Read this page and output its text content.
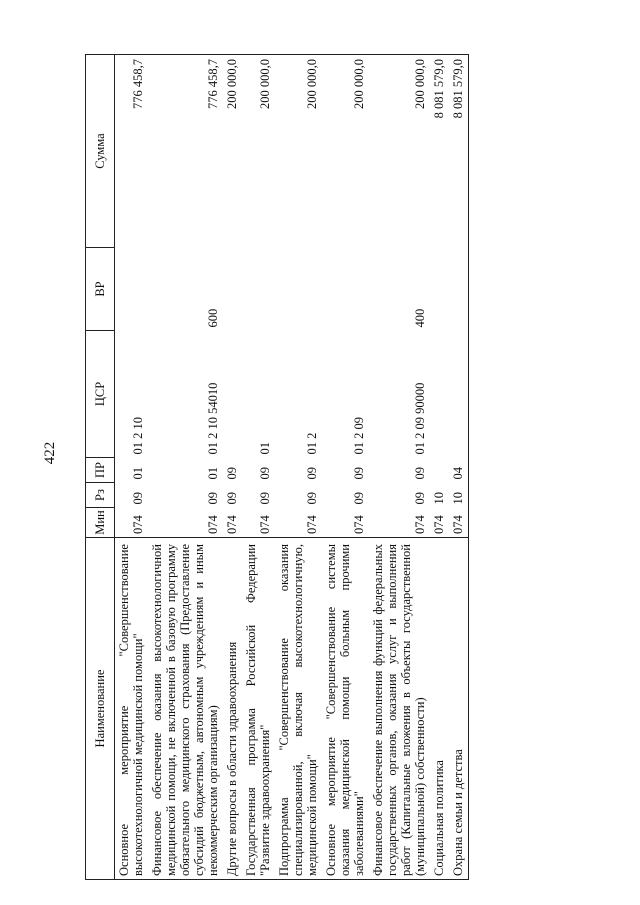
422
Наименование	Мин	Рз	ПР	ЦСР	ВР	Сумма
Основное мероприятие "Совершенствование высокотехнологичной медицинской помощи"	074	09	01	01 2 10		776 458,7
Финансовое обеспечение оказания высокотехнологичной медицинской помощи, не включенной в базовую программу обязательного медицинского страхования (Предоставление субсидий бюджетным, автономным учреждениям и иным некоммерческим организациям)	074	09	01	01 2 10 54010	600	776 458,7
Другие вопросы в области здравоохранения	074	09	09			200 000,0
Государственная программа Российской Федерации "Развитие здравоохранения"	074	09	09	01		200 000,0
Подпрограмма "Совершенствование оказания специализированной, включая высокотехнологичную, медицинской помощи"	074	09	09	01 2		200 000,0
Основное мероприятие "Совершенствование системы оказания медицинской помощи больным прочими заболеваниями"	074	09	09	01 2 09		200 000,0
Финансовое обеспечение выполнения функций федеральных государственных органов, оказания услуг и выполнения работ (Капитальные вложения в объекты государственной (муниципальной) собственности)	074	09	09	01 2 09 90000	400	200 000,0
Социальная политика	074	10				8 081 579,0
Охрана семьи и детства	074	10	04			8 081 579,0
